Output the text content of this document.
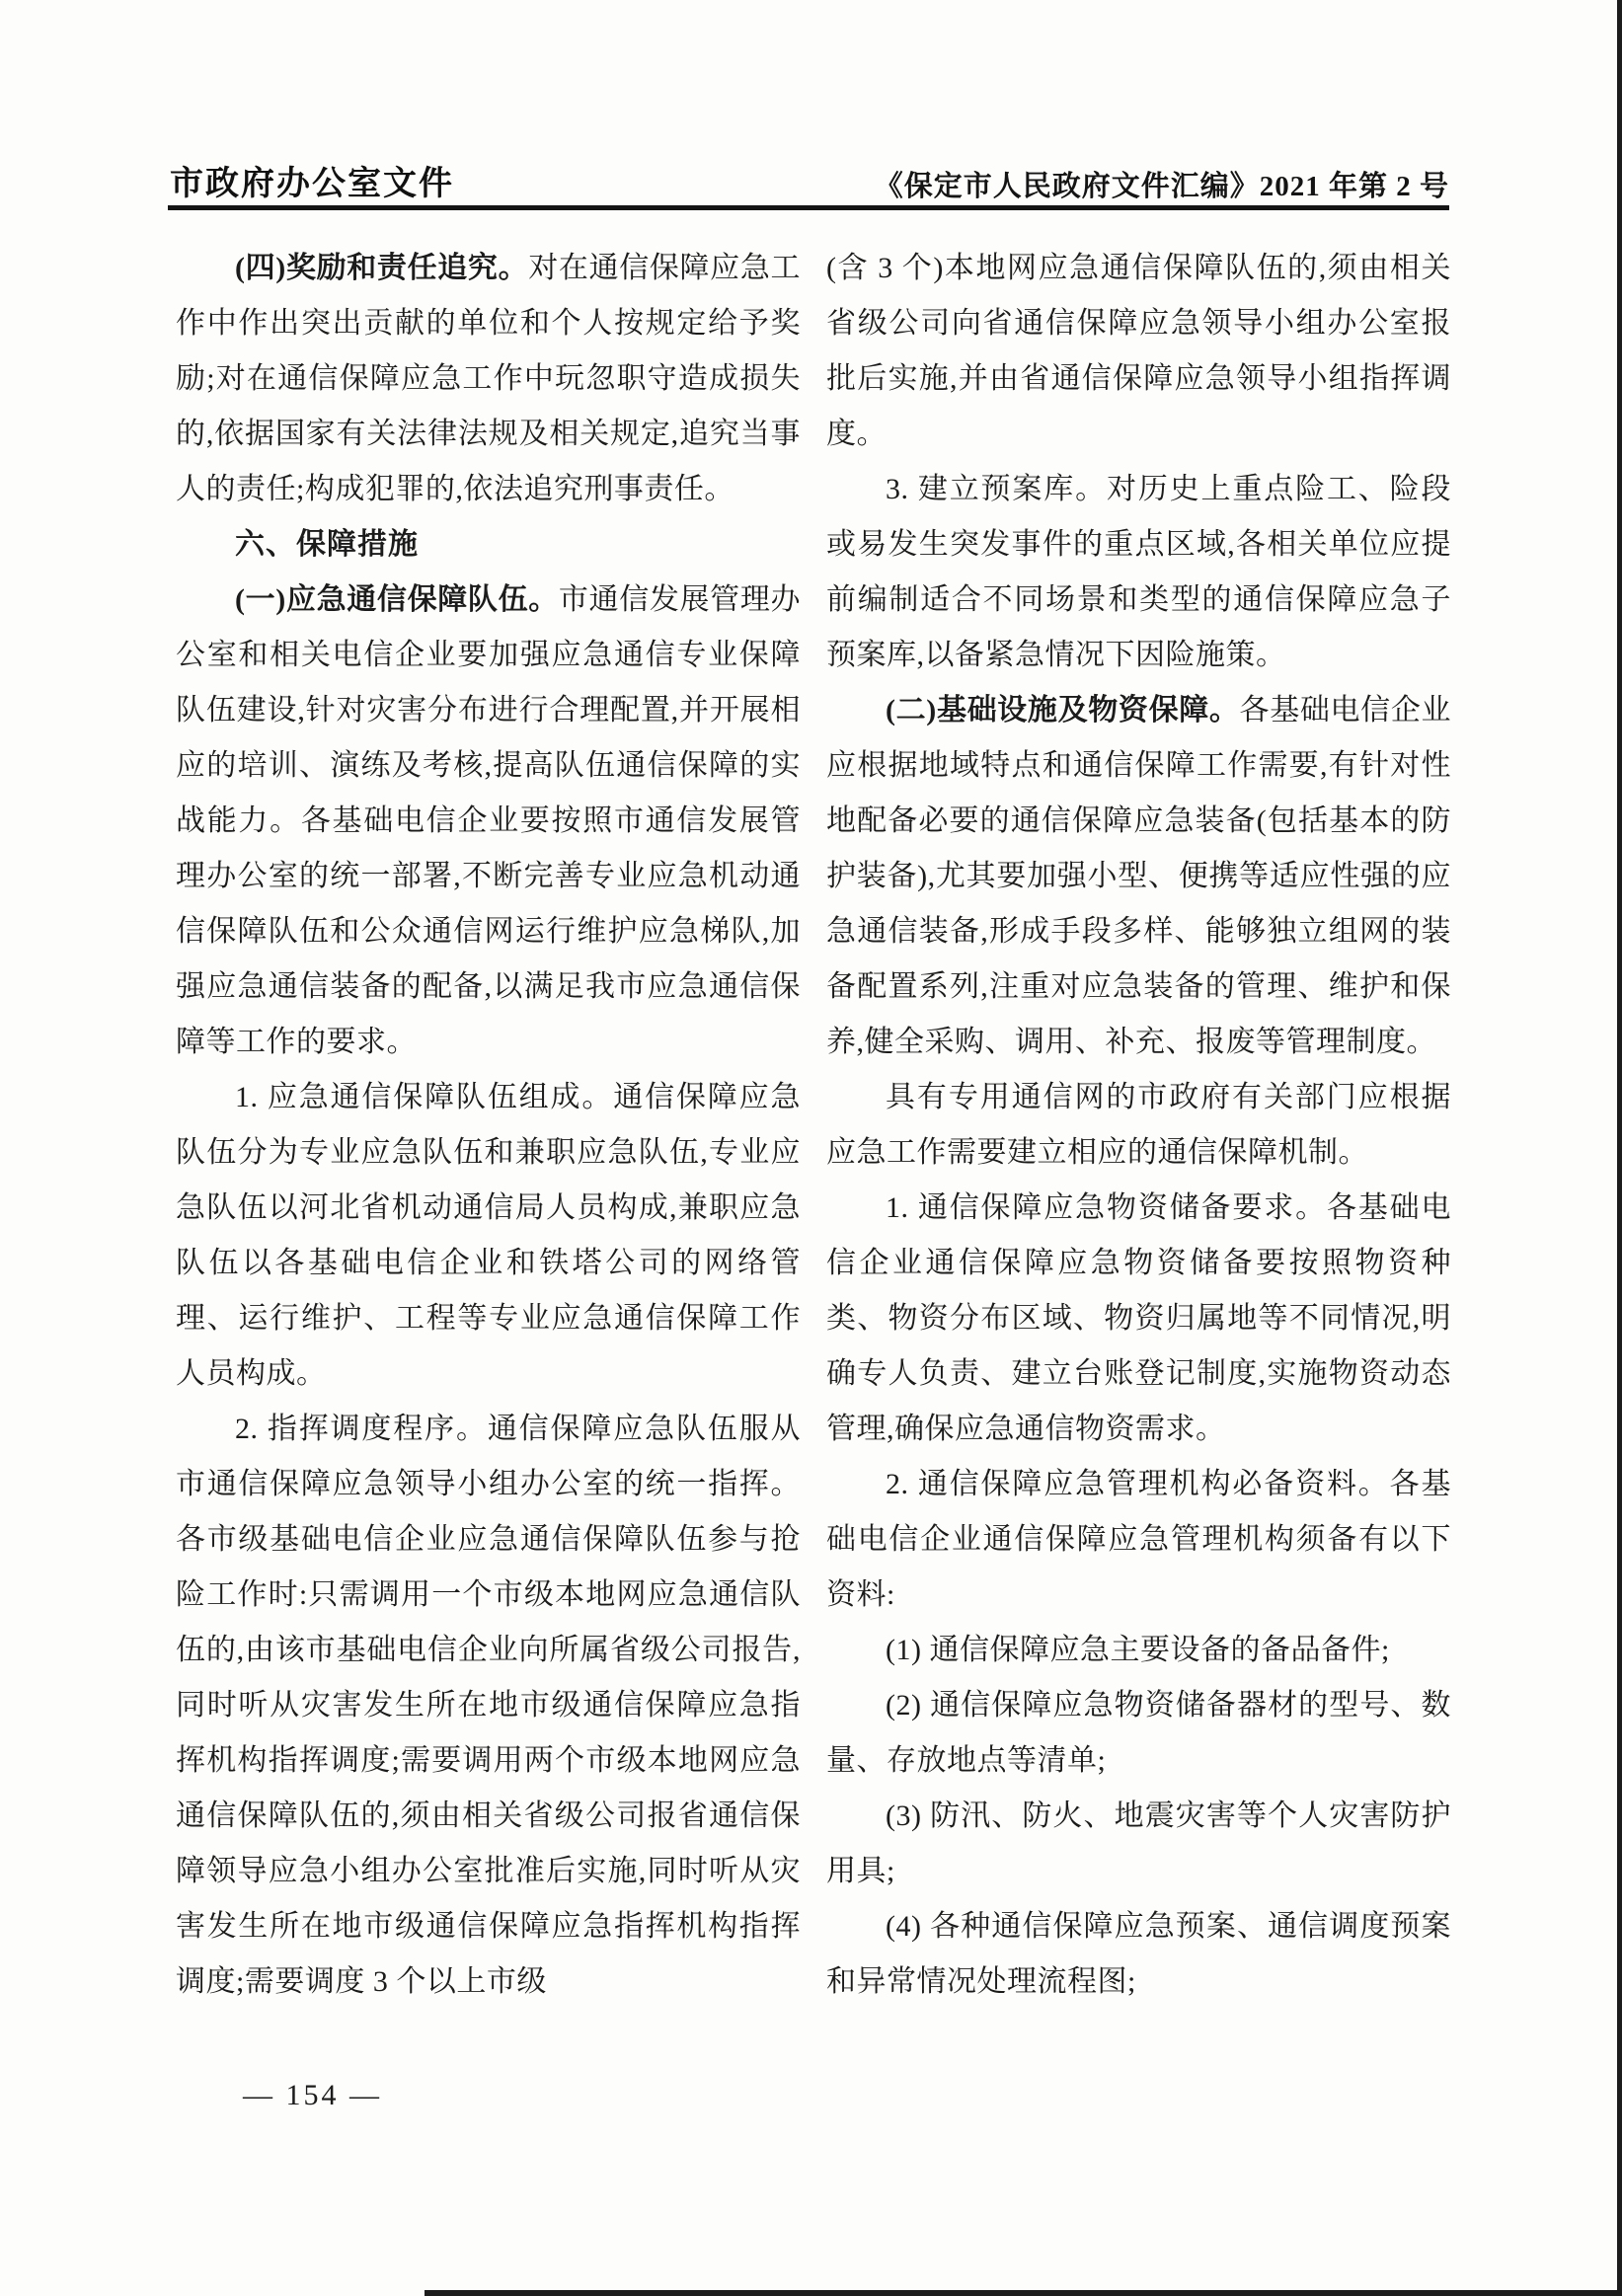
市政府办公室文件	《保定市人民政府文件汇编》2021 年第 2 号

(四)奖励和责任追究。对在通信保障应急工作中作出突出贡献的单位和个人按规定给予奖励;对在通信保障应急工作中玩忽职守造成损失的,依据国家有关法律法规及相关规定,追究当事人的责任;构成犯罪的,依法追究刑事责任。

六、保障措施

(一)应急通信保障队伍。市通信发展管理办公室和相关电信企业要加强应急通信专业保障队伍建设,针对灾害分布进行合理配置,并开展相应的培训、演练及考核,提高队伍通信保障的实战能力。各基础电信企业要按照市通信发展管理办公室的统一部署,不断完善专业应急机动通信保障队伍和公众通信网运行维护应急梯队,加强应急通信装备的配备,以满足我市应急通信保障等工作的要求。

1. 应急通信保障队伍组成。通信保障应急队伍分为专业应急队伍和兼职应急队伍,专业应急队伍以河北省机动通信局人员构成,兼职应急队伍以各基础电信企业和铁塔公司的网络管理、运行维护、工程等专业应急通信保障工作人员构成。

2. 指挥调度程序。通信保障应急队伍服从市通信保障应急领导小组办公室的统一指挥。各市级基础电信企业应急通信保障队伍参与抢险工作时:只需调用一个市级本地网应急通信队伍的,由该市基础电信企业向所属省级公司报告,同时听从灾害发生所在地市级通信保障应急指挥机构指挥调度;需要调用两个市级本地网应急通信保障队伍的,须由相关省级公司报省通信保障领导应急小组办公室批准后实施,同时听从灾害发生所在地市级通信保障应急指挥机构指挥调度;需要调度 3 个以上市级

(含 3 个)本地网应急通信保障队伍的,须由相关省级公司向省通信保障应急领导小组办公室报批后实施,并由省通信保障应急领导小组指挥调度。

3. 建立预案库。对历史上重点险工、险段或易发生突发事件的重点区域,各相关单位应提前编制适合不同场景和类型的通信保障应急子预案库,以备紧急情况下因险施策。

(二)基础设施及物资保障。各基础电信企业应根据地域特点和通信保障工作需要,有针对性地配备必要的通信保障应急装备(包括基本的防护装备),尤其要加强小型、便携等适应性强的应急通信装备,形成手段多样、能够独立组网的装备配置系列,注重对应急装备的管理、维护和保养,健全采购、调用、补充、报废等管理制度。

具有专用通信网的市政府有关部门应根据应急工作需要建立相应的通信保障机制。

1. 通信保障应急物资储备要求。各基础电信企业通信保障应急物资储备要按照物资种类、物资分布区域、物资归属地等不同情况,明确专人负责、建立台账登记制度,实施物资动态管理,确保应急通信物资需求。

2. 通信保障应急管理机构必备资料。各基础电信企业通信保障应急管理机构须备有以下资料:

(1) 通信保障应急主要设备的备品备件;

(2) 通信保障应急物资储备器材的型号、数量、存放地点等清单;

(3) 防汛、防火、地震灾害等个人灾害防护用具;

(4) 各种通信保障应急预案、通信调度预案和异常情况处理流程图;

— 154 —
